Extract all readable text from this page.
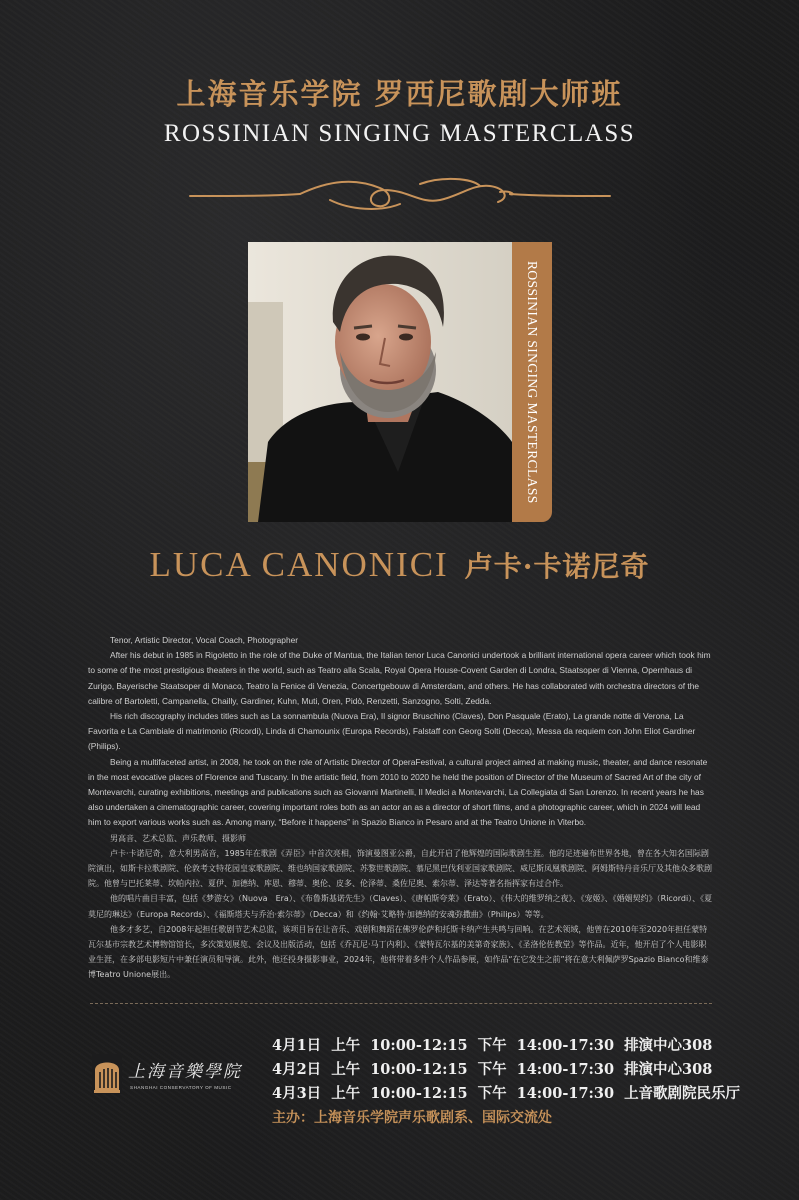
上海音乐学院 罗西尼歌剧大师班
ROSSINIAN SINGING MASTERCLASS
ROSSINIAN SINGING MASTERCLASS
LUCA CANONICI 卢卡·卡诺尼奇

Tenor, Artistic Director, Vocal Coach, Photographer

After his debut in 1985 in Rigoletto in the role of the Duke of Mantua, the Italian tenor Luca Canonici undertook a brilliant international opera career which took him to some of the most prestigious theaters in the world, such as Teatro alla Scala, Royal Opera House-Covent Garden di Londra, Staatsoper di Vienna, Opernhaus di Zurigo, Bayerische Staatsoper di Monaco, Teatro la Fenice di Venezia, Concertgebouw di Amsterdam, and others. He has collaborated with orchestra directors of the calibre of Bartoletti, Campanella, Chailly, Gardiner, Kuhn, Muti, Oren, Pidò, Renzetti, Sanzogno, Solti, Zedda.

His rich discography includes titles such as La sonnambula (Nuova Era), Il signor Bruschino (Claves), Don Pasquale (Erato), La grande notte di Verona, La Favorita e La Cambiale di matrimonio (Ricordi), Linda di Chamounix (Europa Records), Falstaff con Georg Solti (Decca), Messa da requiem con John Eliot Gardiner (Philips).

Being a multifaceted artist, in 2008, he took on the role of Artistic Director of OperaFestival, a cultural project aimed at making music, theater, and dance resonate in the most evocative places of Florence and Tuscany. In the artistic field, from 2010 to 2020 he held the position of Director of the Museum of Sacred Art of the city of Montevarchi, curating exhibitions, meetings and publications such as Giovanni Martinelli, Il Medici a Montevarchi, La Collegiata di San Lorenzo. In recent years he has also undertaken a cinematographic career, covering important roles both as an actor an as a director of short films, and a photographic career, which in 2024 will lead him to export various works such as. Among many, “Before it happens” in Spazio Bianco in Pesaro and at the Teatro Unione in Viterbo.

男高音、艺术总监、声乐教师、摄影师

卢卡·卡诺尼奇，意大利男高音，1985年在歌剧《弄臣》中首次亮相，饰演曼图亚公爵，自此开启了他辉煌的国际歌剧生涯。他的足迹遍布世界各地，曾在各大知名国际剧院演出，如斯卡拉歌剧院、伦敦考文特花园皇家歌剧院、维也纳国家歌剧院、苏黎世歌剧院、慕尼黑巴伐利亚国家歌剧院、威尼斯凤凰歌剧院、阿姆斯特丹音乐厅及其他众多歌剧院。他曾与巴托莱蒂、坎帕内拉、夏伊、加德纳、库恩、穆蒂、奥伦、皮多、伦泽蒂、桑佐尼奥、索尔蒂、泽达等著名指挥家有过合作。

他的唱片曲目丰富，包括《梦游女》（Nuova　Era）、《布鲁斯基诺先生》（Claves）、《唐帕斯夸莱》（Erato）、《伟大的维罗纳之夜》、《宠姬》、《婚姻契约》（Ricordi）、《夏莫尼的琳达》（Europa Records）、《福斯塔夫与乔治·索尔蒂》（Decca）和《约翰·艾略特·加德纳的安魂弥撒曲》（Philips）等等。

他多才多艺，自2008年起担任歌剧节艺术总监，该项目旨在让音乐、戏剧和舞蹈在佛罗伦萨和托斯卡纳产生共鸣与回响。在艺术领域，他曾在2010年至2020年担任蒙特瓦尔基市宗教艺术博物馆馆长，多次策划展览、会议及出版活动，包括《乔瓦尼·马丁内利》、《蒙特瓦尔基的美第奇家族》、《圣洛伦佐教堂》等作品。近年，他开启了个人电影职业生涯，在多部电影短片中兼任演员和导演。此外，他还投身摄影事业，2024年，他将带着多件个人作品参展，如作品“在它发生之前”将在意大利佩萨罗Spazio Bianco和维泰博Teatro Unione展出。

上海音樂學院
SHANGHAI CONSERVATORY OF MUSIC
4月1日 上午 10:00-12:15 下午 14:00-17:30 排演中心308
4月2日 上午 10:00-12:15 下午 14:00-17:30 排演中心308
4月3日 上午 10:00-12:15 下午 14:00-17:30 上音歌剧院民乐厅
主办：上海音乐学院声乐歌剧系、国际交流处
